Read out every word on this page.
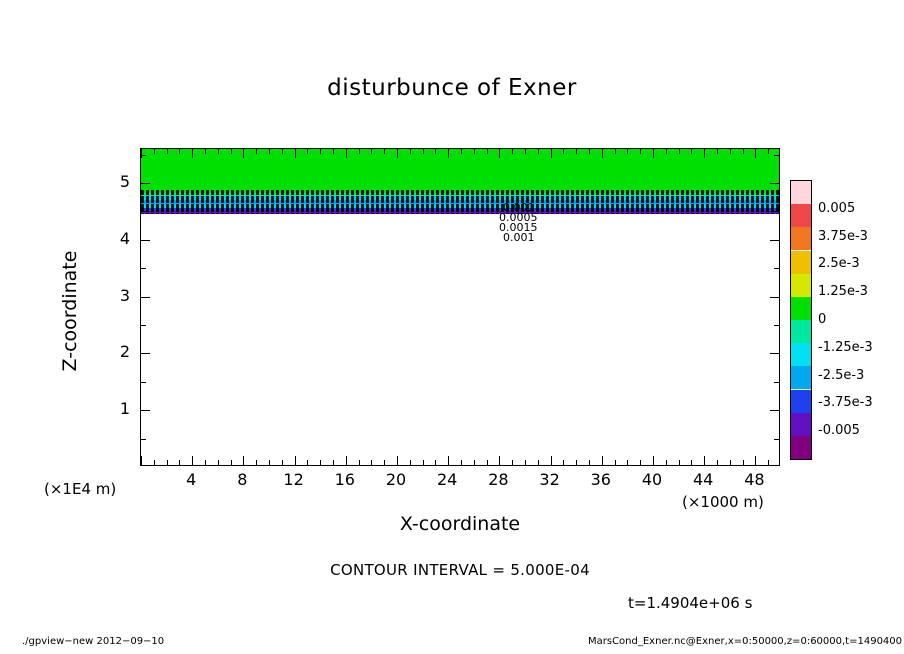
disturbunce of Exner
0.001
0.0005
0.0015
0.001
4	8	12	16	20	24	28	32	36	40	44	48
1
2
3
4
5
Z-coordinate
X-coordinate
(×1E4 m)
(×1000 m)
CONTOUR INTERVAL = 5.000E-04
t=1.4904e+06 s
0.005
3.75e-3
2.5e-3
1.25e-3
0
-1.25e-3
-2.5e-3
-3.75e-3
-0.005
./gpview−new 2012−09−10	MarsCond_Exner.nc@Exner,x=0:50000,z=0:60000,t=1490400
